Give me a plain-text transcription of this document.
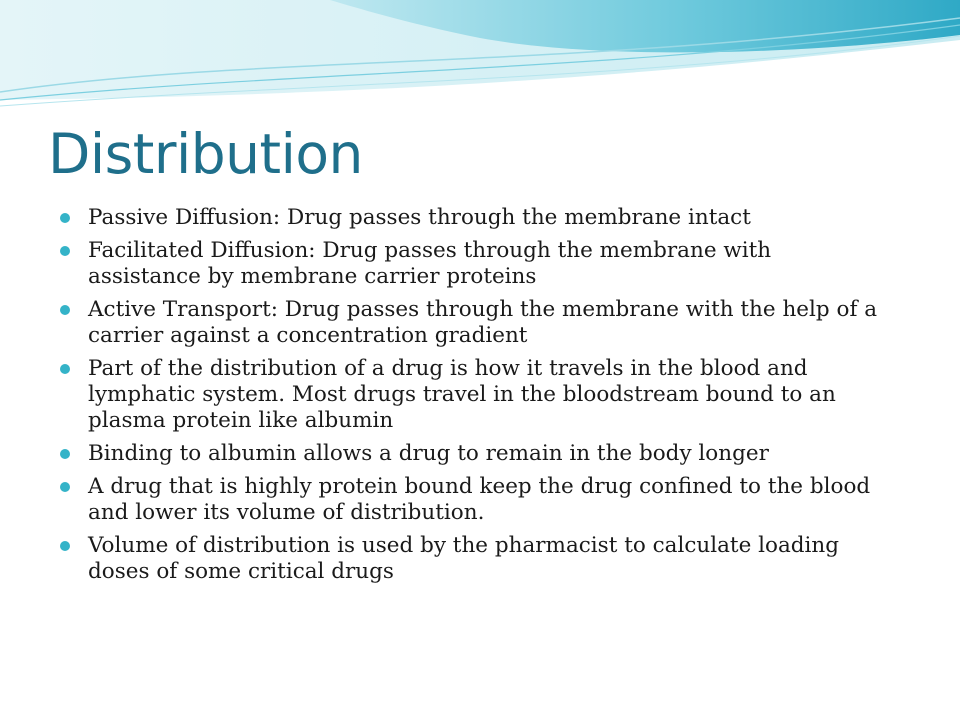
Distribution
Passive Diffusion: Drug passes through the membrane intact
Facilitated Diffusion: Drug passes through the membrane with assistance by membrane carrier proteins
Active Transport: Drug passes through the membrane with the help of a carrier against a concentration gradient
Part of the distribution of a drug is how it travels in the blood and lymphatic system. Most drugs travel in the bloodstream bound to an plasma protein like albumin
Binding to albumin allows a drug to remain in the body longer
A drug that is highly protein bound keep the drug confined to the blood and lower its volume of distribution.
Volume of distribution is used by the pharmacist to calculate loading doses of some critical drugs
